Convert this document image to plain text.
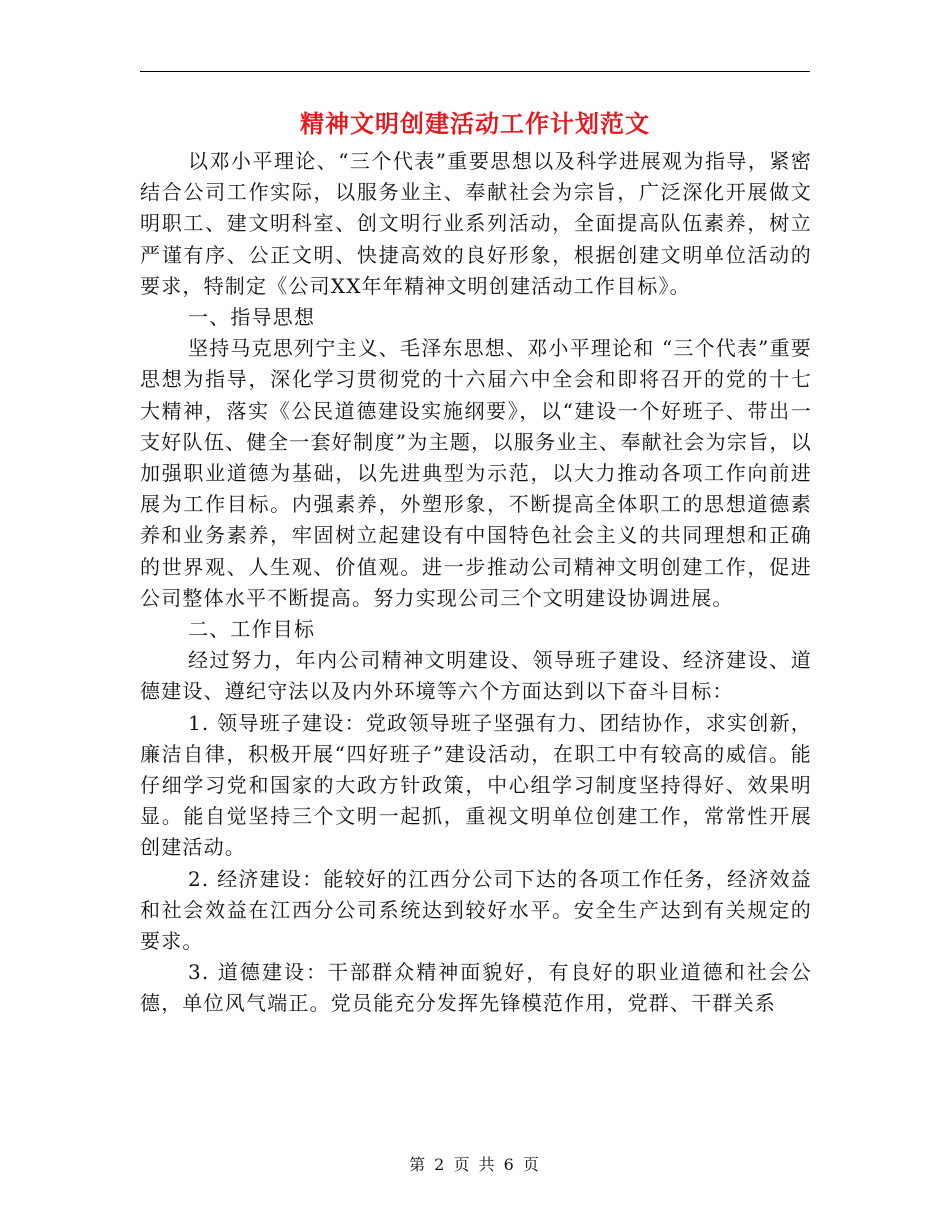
精神文明创建活动工作计划范文

以邓小平理论、“三个代表”重要思想以及科学进展观为指导，紧密结合公司工作实际，以服务业主、奉献社会为宗旨，广泛深化开展做文明职工、建文明科室、创文明行业系列活动，全面提高队伍素养，树立严谨有序、公正文明、快捷高效的良好形象，根据创建文明单位活动的要求，特制定《公司XX年年精神文明创建活动工作目标》。

一、指导思想

坚持马克思列宁主义、毛泽东思想、邓小平理论和 “三个代表”重要思想为指导，深化学习贯彻党的十六届六中全会和即将召开的党的十七大精神，落实《公民道德建设实施纲要》，以“建设一个好班子、带出一支好队伍、健全一套好制度”为主题，以服务业主、奉献社会为宗旨，以加强职业道德为基础，以先进典型为示范，以大力推动各项工作向前进展为工作目标。内强素养，外塑形象，不断提高全体职工的思想道德素养和业务素养，牢固树立起建设有中国特色社会主义的共同理想和正确的世界观、人生观、价值观。进一步推动公司精神文明创建工作，促进公司整体水平不断提高。努力实现公司三个文明建设协调进展。

二、工作目标

经过努力，年内公司精神文明建设、领导班子建设、经济建设、道德建设、遵纪守法以及内外环境等六个方面达到以下奋斗目标：

1. 领导班子建设：党政领导班子坚强有力、团结协作，求实创新，廉洁自律，积极开展“四好班子”建设活动，在职工中有较高的威信。能仔细学习党和国家的大政方针政策，中心组学习制度坚持得好、效果明显。能自觉坚持三个文明一起抓，重视文明单位创建工作，常常性开展创建活动。

2. 经济建设：能较好的江西分公司下达的各项工作任务，经济效益和社会效益在江西分公司系统达到较好水平。安全生产达到有关规定的要求。

3. 道德建设：干部群众精神面貌好，有良好的职业道德和社会公德，单位风气端正。党员能充分发挥先锋模范作用，党群、干群关系

第 2 页 共 6 页
